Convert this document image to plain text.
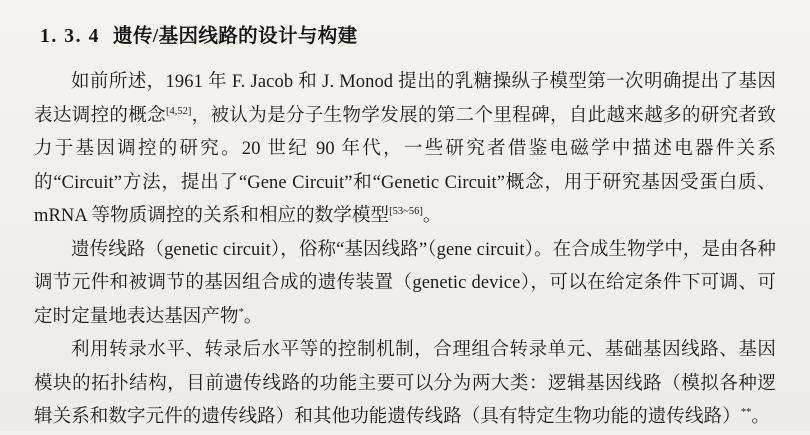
1. 3. 4 遗传/基因线路的设计与构建

如前所述，1961 年 F. Jacob 和 J. Monod 提出的乳糖操纵子模型第一次明确提出了基因表达调控的概念[4,52]，被认为是分子生物学发展的第二个里程碑，自此越来越多的研究者致力于基因调控的研究。20 世纪 90 年代，一些研究者借鉴电磁学中描述电器件关系的“Circuit”方法，提出了“Gene Circuit”和“Genetic Circuit”概念，用于研究基因受蛋白质、mRNA 等物质调控的关系和相应的数学模型[53~56]。

遗传线路（genetic circuit），俗称“基因线路”（gene circuit）。在合成生物学中，是由各种调节元件和被调节的基因组合成的遗传装置（genetic device），可以在给定条件下可调、可定时定量地表达基因产物*。

利用转录水平、转录后水平等的控制机制，合理组合转录单元、基础基因线路、基因模块的拓扑结构，目前遗传线路的功能主要可以分为两大类：逻辑基因线路（模拟各种逻辑关系和数字元件的遗传线路）和其他功能遗传线路（具有特定生物功能的遗传线路）**。
